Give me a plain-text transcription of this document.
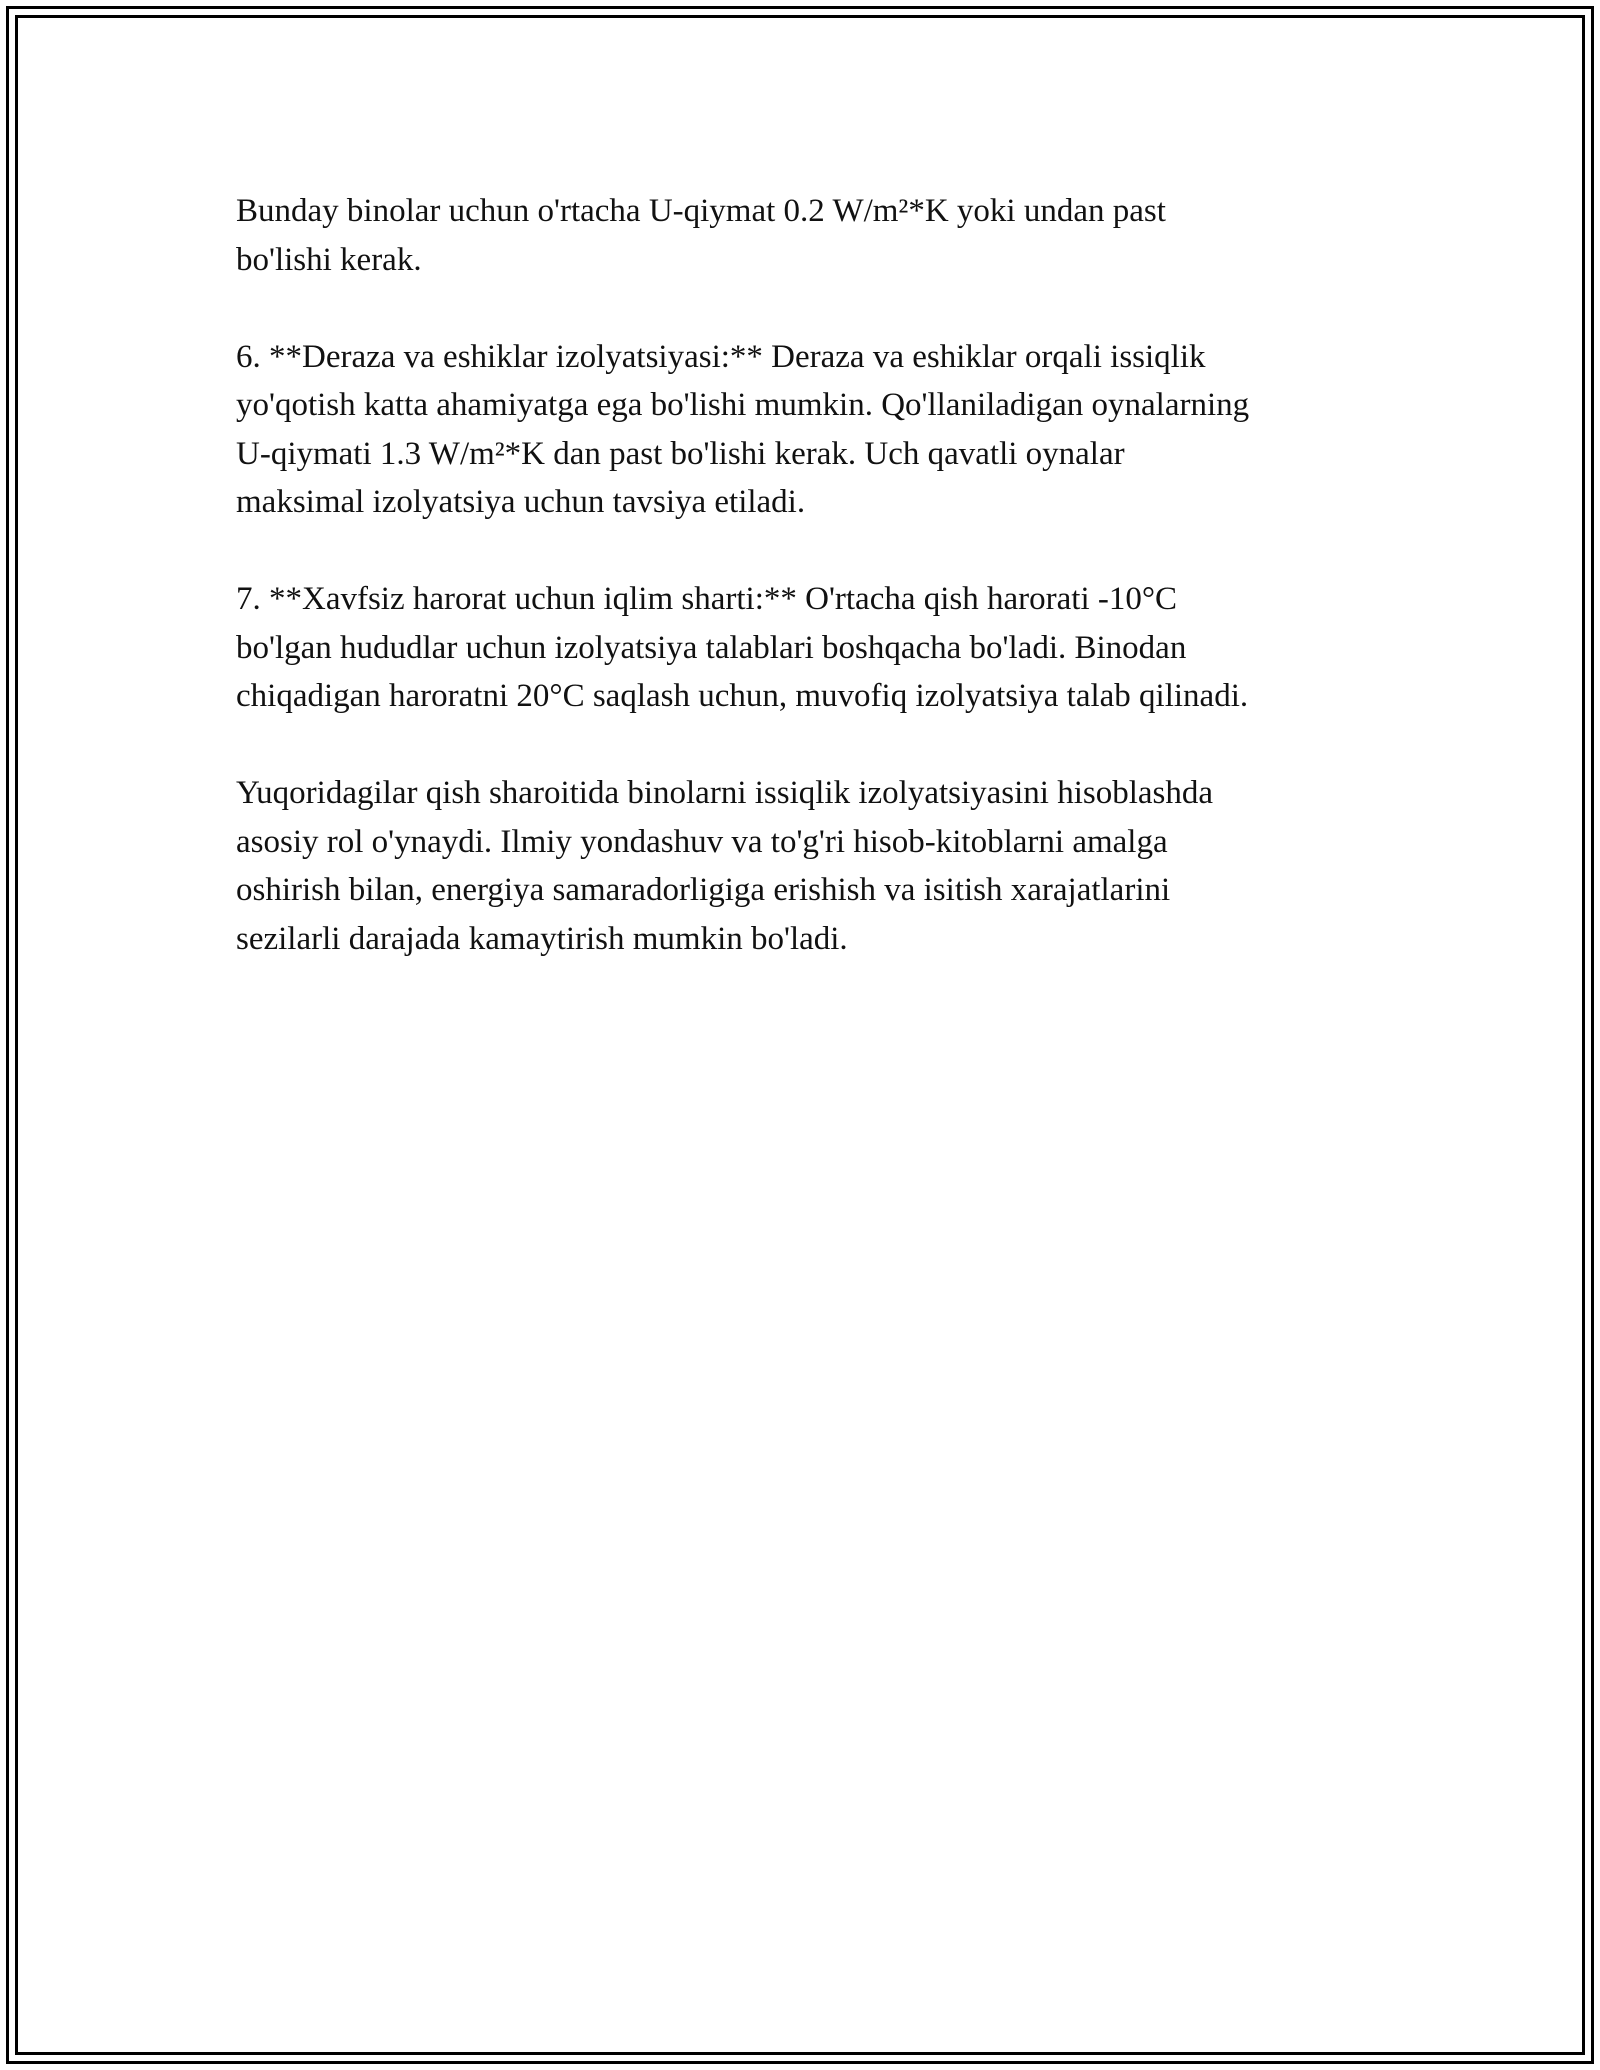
Bunday binolar uchun o'rtacha U-qiymat 0.2 W/m²*K yoki undan past
bo'lishi kerak.

6. **Deraza va eshiklar izolyatsiyasi:** Deraza va eshiklar orqali issiqlik
yo'qotish katta ahamiyatga ega bo'lishi mumkin. Qo'llaniladigan oynalarning
U-qiymati 1.3 W/m²*K dan past bo'lishi kerak. Uch qavatli oynalar
maksimal izolyatsiya uchun tavsiya etiladi.

7. **Xavfsiz harorat uchun iqlim sharti:** O'rtacha qish harorati -10°C
bo'lgan hududlar uchun izolyatsiya talablari boshqacha bo'ladi. Binodan
chiqadigan haroratni 20°C saqlash uchun, muvofiq izolyatsiya talab qilinadi.

Yuqoridagilar qish sharoitida binolarni issiqlik izolyatsiyasini hisoblashda
asosiy rol o'ynaydi. Ilmiy yondashuv va to'g'ri hisob-kitoblarni amalga
oshirish bilan, energiya samaradorligiga erishish va isitish xarajatlarini
sezilarli darajada kamaytirish mumkin bo'ladi.
